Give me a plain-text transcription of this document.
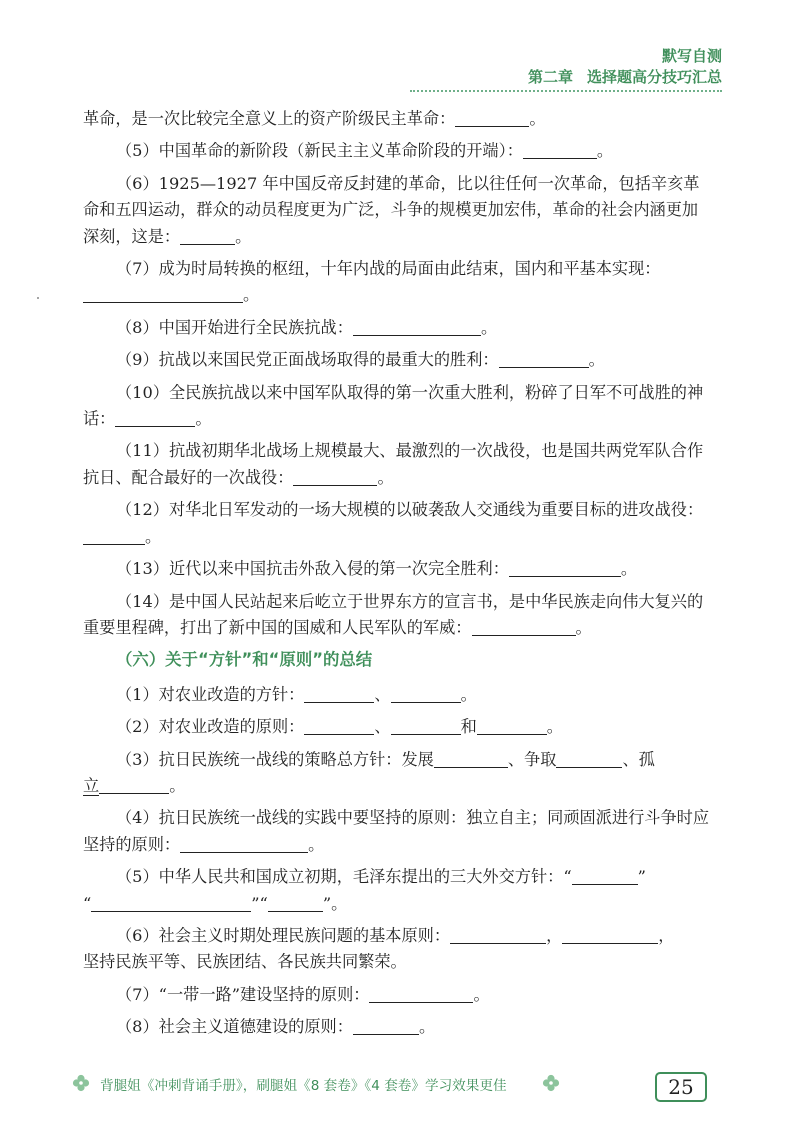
默写自测
第二章 选择题高分技巧汇总

革命，是一次比较完全意义上的资产阶级民主革命：	。

（5）中国革命的新阶段（新民主主义革命阶段的开端）：	。

（6）1925—1927 年中国反帝反封建的革命，比以往任何一次革命，包括辛亥革命和五四运动，群众的动员程度更为广泛，斗争的规模更加宏伟，革命的社会内涵更加深刻，这是：	。

（7）成为时局转换的枢纽，十年内战的局面由此结束，国内和平基本实现：。

（8）中国开始进行全民族抗战：	。

（9）抗战以来国民党正面战场取得的最重大的胜利：	。

（10）全民族抗战以来中国军队取得的第一次重大胜利，粉碎了日军不可战胜的神话：	。

（11）抗战初期华北战场上规模最大、最激烈的一次战役，也是国共两党军队合作抗日、配合最好的一次战役：	。

（12）对华北日军发动的一场大规模的以破袭敌人交通线为重要目标的进攻战役：。

（13）近代以来中国抗击外敌入侵的第一次完全胜利：	。

（14）是中国人民站起来后屹立于世界东方的宣言书，是中华民族走向伟大复兴的重要里程碑，打出了新中国的国威和人民军队的军威：	。

（六）关于“方针”和“原则”的总结

（1）对农业改造的方针：	、	。

（2）对农业改造的原则：	、	和	。

（3）抗日民族统一战线的策略总方针：发展	、争取	、孤
立	。

（4）抗日民族统一战线的实践中要坚持的原则：独立自主；同顽固派进行斗争时应坚持的原则：	。

（5）中华人民共和国成立初期，毛泽东提出的三大外交方针：“	”
“	”“	”。

（6）社会主义时期处理民族问题的基本原则：	，	，
坚持民族平等、民族团结、各民族共同繁荣。

（7）“一带一路”建设坚持的原则：	。

（8）社会主义道德建设的原则：	。

背腿姐《冲刺背诵手册》，刷腿姐《8 套卷》《4 套卷》学习效果更佳	25
